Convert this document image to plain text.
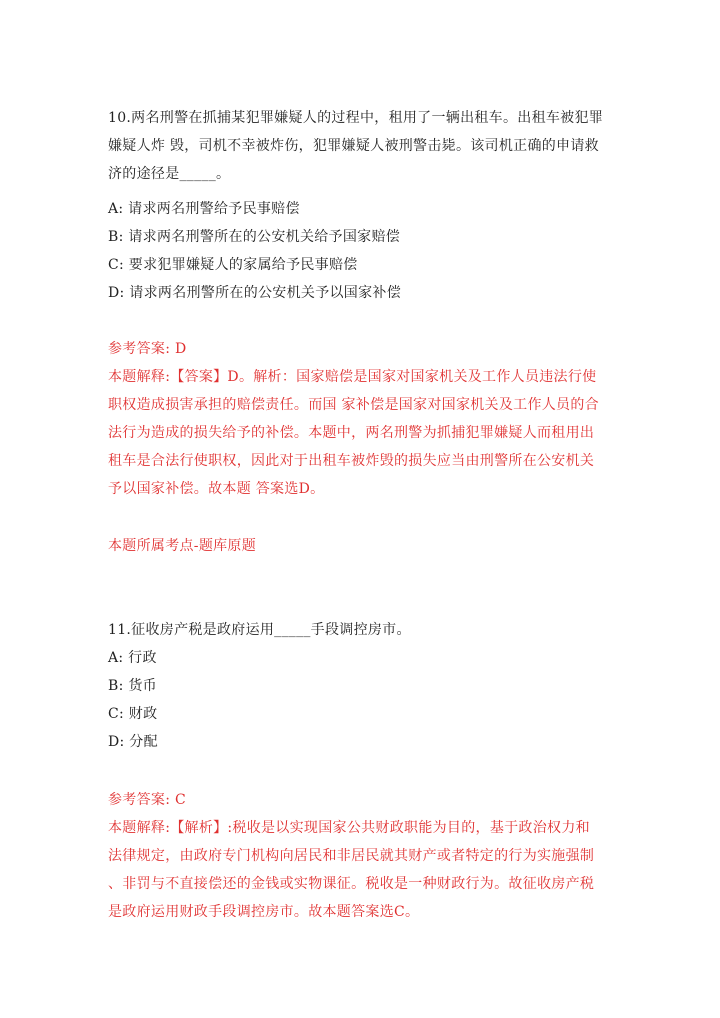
10.两名刑警在抓捕某犯罪嫌疑人的过程中，租用了一辆出租车。出租车被犯罪
嫌疑人炸 毁，司机不幸被炸伤，犯罪嫌疑人被刑警击毙。该司机正确的申请救
济的途径是_____。
A: 请求两名刑警给予民事赔偿
B: 请求两名刑警所在的公安机关给予国家赔偿
C: 要求犯罪嫌疑人的家属给予民事赔偿
D: 请求两名刑警所在的公安机关予以国家补偿
参考答案: D
本题解释:【答案】D。解析：国家赔偿是国家对国家机关及工作人员违法行使
职权造成损害承担的赔偿责任。而国 家补偿是国家对国家机关及工作人员的合
法行为造成的损失给予的补偿。本题中，两名刑警为抓捕犯罪嫌疑人而租用出
租车是合法行使职权，因此对于出租车被炸毁的损失应当由刑警所在公安机关
予以国家补偿。故本题 答案选D。
本题所属考点-题库原题
11.征收房产税是政府运用_____手段调控房市。
A: 行政
B: 货币
C: 财政
D: 分配
参考答案: C
本题解释:【解析】:税收是以实现国家公共财政职能为目的，基于政治权力和
法律规定，由政府专门机构向居民和非居民就其财产或者特定的行为实施强制
、非罚与不直接偿还的金钱或实物课征。税收是一种财政行为。故征收房产税
是政府运用财政手段调控房市。故本题答案选C。
